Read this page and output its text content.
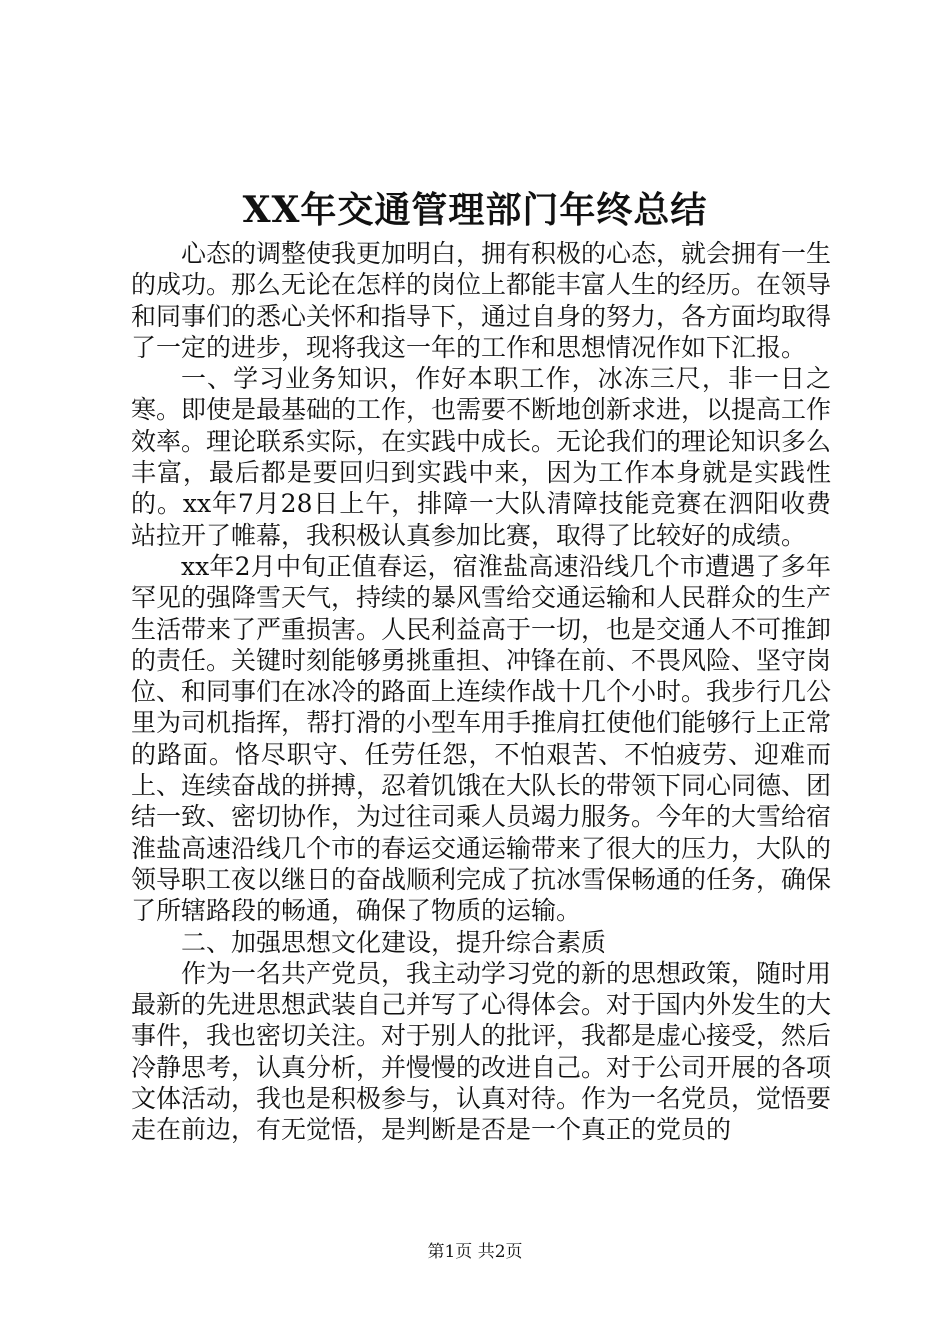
XX年交通管理部门年终总结

心态的调整使我更加明白，拥有积极的心态，就会拥有一生的成功。那么无论在怎样的岗位上都能丰富人生的经历。在领导和同事们的悉心关怀和指导下，通过自身的努力，各方面均取得了一定的进步，现将我这一年的工作和思想情况作如下汇报。

一、学习业务知识，作好本职工作，冰冻三尺，非一日之寒。即使是最基础的工作，也需要不断地创新求进，以提高工作效率。理论联系实际，在实践中成长。无论我们的理论知识多么丰富，最后都是要回归到实践中来，因为工作本身就是实践性的。xx年7月28日上午，排障一大队清障技能竞赛在泗阳收费站拉开了帷幕，我积极认真参加比赛，取得了比较好的成绩。

xx年2月中旬正值春运，宿淮盐高速沿线几个市遭遇了多年罕见的强降雪天气，持续的暴风雪给交通运输和人民群众的生产生活带来了严重损害。人民利益高于一切，也是交通人不可推卸的责任。关键时刻能够勇挑重担、冲锋在前、不畏风险、坚守岗位、和同事们在冰冷的路面上连续作战十几个小时。我步行几公里为司机指挥，帮打滑的小型车用手推肩扛使他们能够行上正常的路面。恪尽职守、任劳任怨，不怕艰苦、不怕疲劳、迎难而上、连续奋战的拼搏，忍着饥饿在大队长的带领下同心同德、团结一致、密切协作，为过往司乘人员竭力服务。今年的大雪给宿淮盐高速沿线几个市的春运交通运输带来了很大的压力，大队的领导职工夜以继日的奋战顺利完成了抗冰雪保畅通的任务，确保了所辖路段的畅通，确保了物质的运输。

二、加强思想文化建设，提升综合素质

作为一名共产党员，我主动学习党的新的思想政策，随时用最新的先进思想武装自己并写了心得体会。对于国内外发生的大事件，我也密切关注。对于别人的批评，我都是虚心接受，然后冷静思考，认真分析，并慢慢的改进自己。对于公司开展的各项文体活动，我也是积极参与，认真对待。作为一名党员，觉悟要走在前边，有无觉悟，是判断是否是一个真正的党员的

第1页 共2页
